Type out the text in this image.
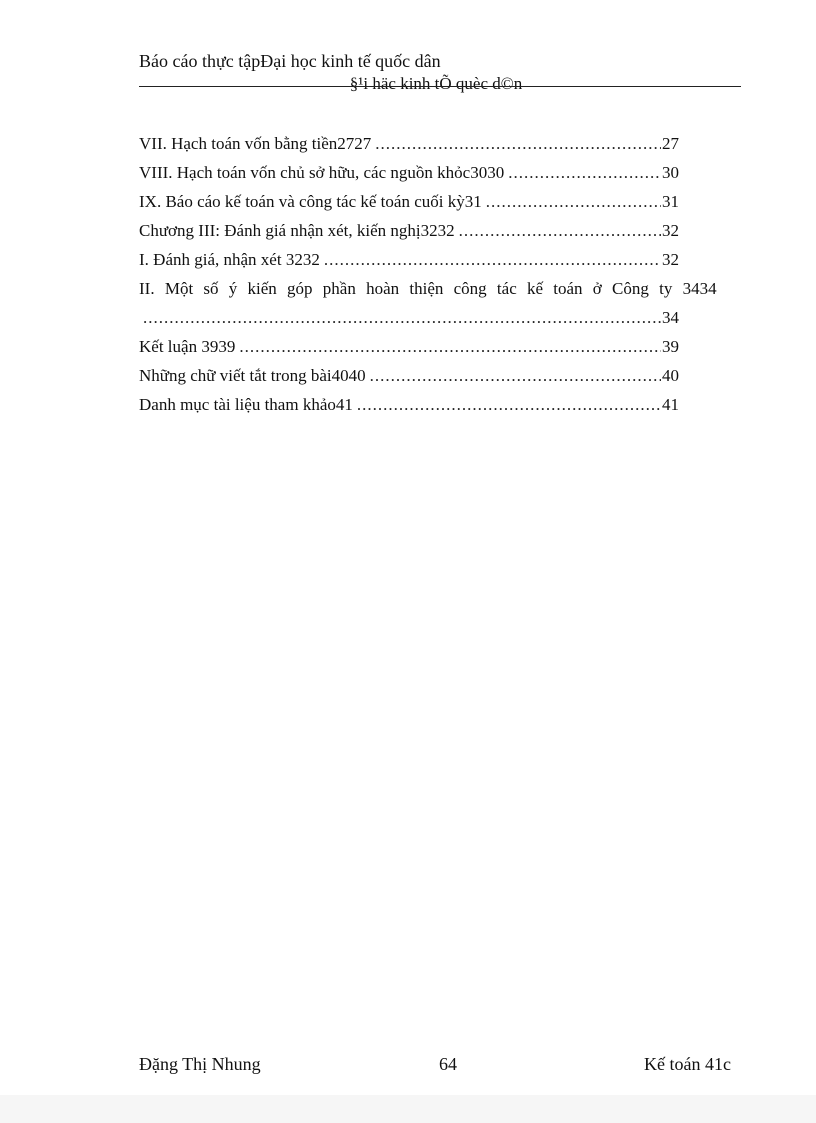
Báo cáo thực tậpĐại học kinh tế quốc dân
§¹i häc kinh tÕ quèc d©n
VII. Hạch toán vốn bằng tiền2727 .....	27
VIII. Hạch toán vốn chủ sở hữu, các nguồn khỏc3030 .....	30
IX. Báo cáo kế toán và công tác kế toán cuối kỳ31 .....	31
Chương III: Đánh giá nhận xét, kiến nghị3232 .....	32
I. Đánh giá, nhận xét 3232 .....	32
II. Một số ý kiến góp phần hoàn thiện công tác kế toán ở Công ty 3434
.....
34
Kết luận 3939 .....	39
Những chữ viết tắt trong bài4040 .....	40
Danh mục tài liệu tham khảo41 .....	41
Đặng Thị Nhung	64	Kế toán 41c
